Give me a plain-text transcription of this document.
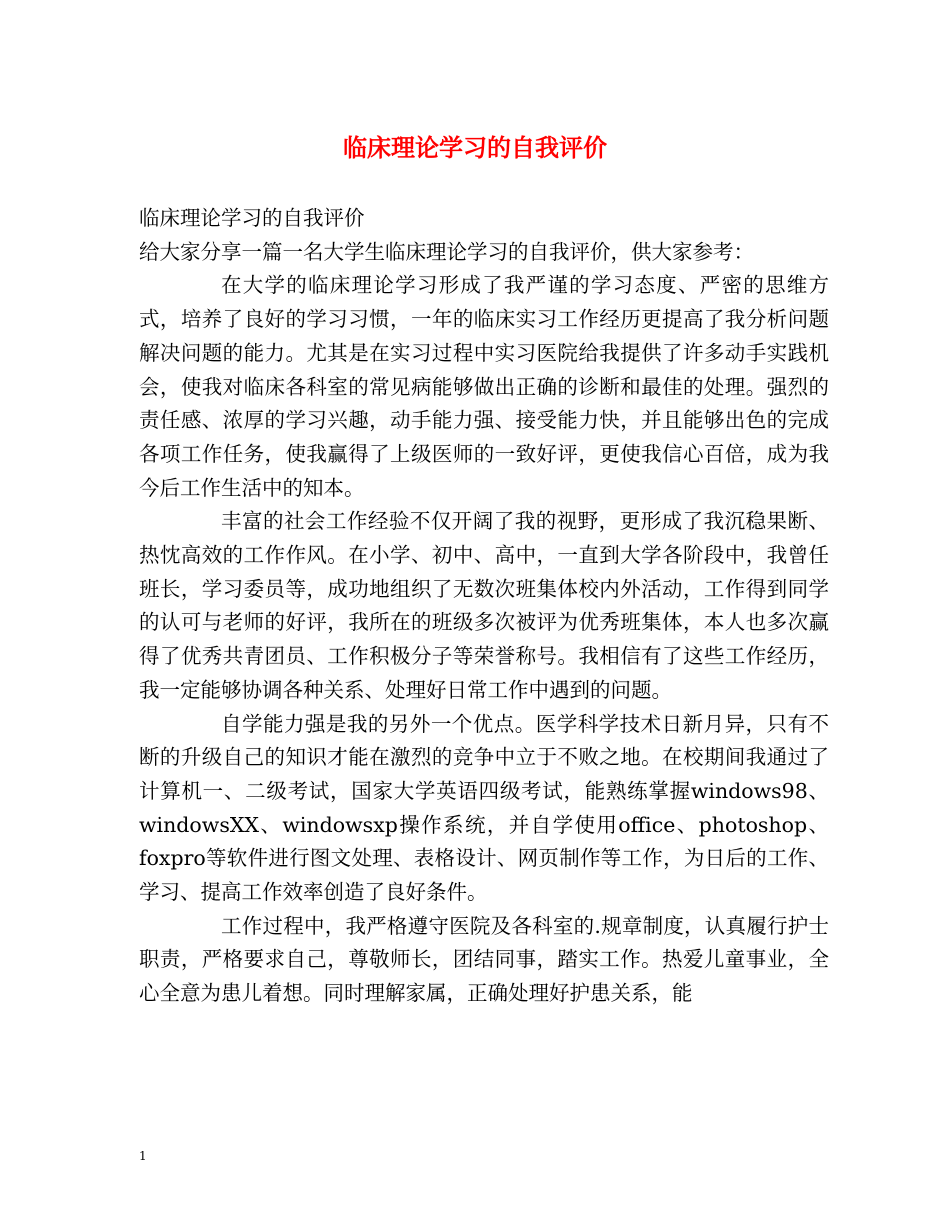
临床理论学习的自我评价

临床理论学习的自我评价

给大家分享一篇一名大学生临床理论学习的自我评价，供大家参考：

在大学的临床理论学习形成了我严谨的学习态度、严密的思维方式，培养了良好的学习习惯，一年的临床实习工作经历更提高了我分析问题解决问题的能力。尤其是在实习过程中实习医院给我提供了许多动手实践机会，使我对临床各科室的常见病能够做出正确的诊断和最佳的处理。强烈的责任感、浓厚的学习兴趣，动手能力强、接受能力快，并且能够出色的完成各项工作任务，使我赢得了上级医师的一致好评，更使我信心百倍，成为我今后工作生活中的知本。

丰富的社会工作经验不仅开阔了我的视野，更形成了我沉稳果断、热忱高效的工作作风。在小学、初中、高中，一直到大学各阶段中，我曾任班长，学习委员等，成功地组织了无数次班集体校内外活动，工作得到同学的认可与老师的好评，我所在的班级多次被评为优秀班集体，本人也多次赢得了优秀共青团员、工作积极分子等荣誉称号。我相信有了这些工作经历，我一定能够协调各种关系、处理好日常工作中遇到的问题。

自学能力强是我的另外一个优点。医学科学技术日新月异，只有不断的升级自己的知识才能在激烈的竞争中立于不败之地。在校期间我通过了计算机一、二级考试，国家大学英语四级考试，能熟练掌握windows98、windowsXX、windowsxp操作系统，并自学使用office、photoshop、foxpro等软件进行图文处理、表格设计、网页制作等工作，为日后的工作、学习、提高工作效率创造了良好条件。

工作过程中，我严格遵守医院及各科室的.规章制度，认真履行护士职责，严格要求自己，尊敬师长，团结同事，踏实工作。热爱儿童事业，全心全意为患儿着想。同时理解家属，正确处理好护患关系，能

1
